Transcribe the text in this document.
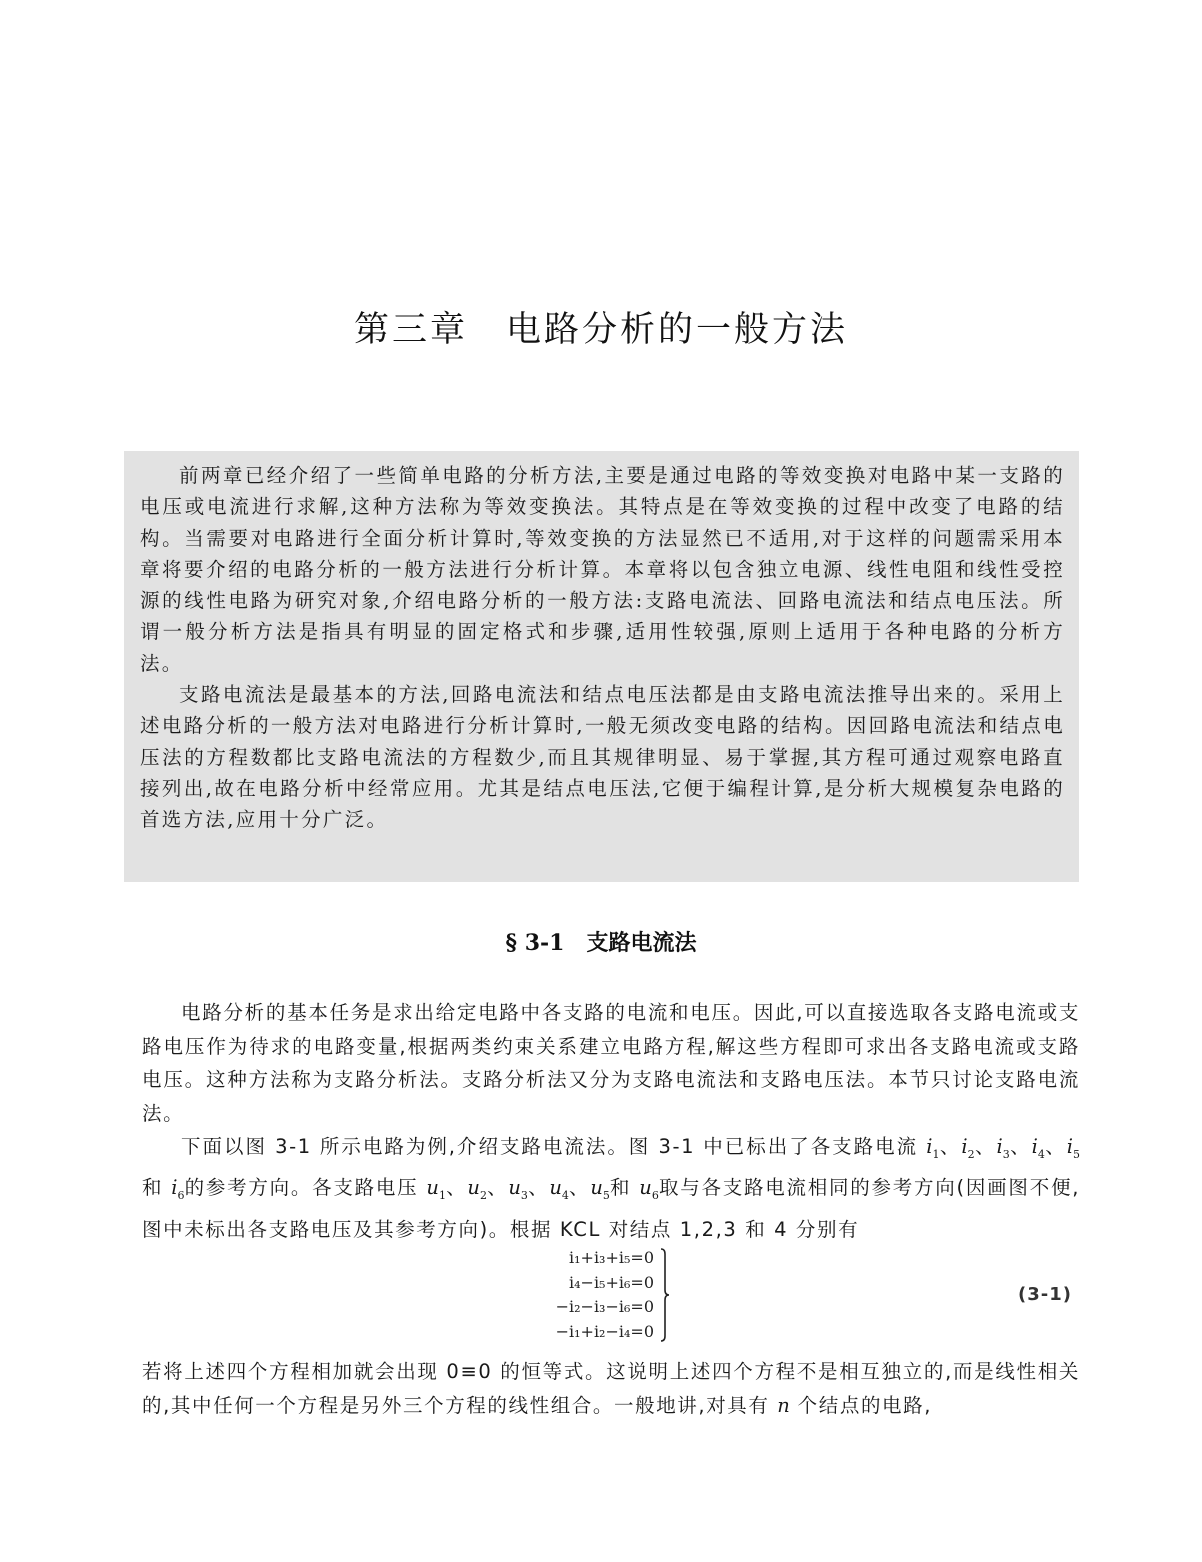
第三章　电路分析的一般方法

前两章已经介绍了一些简单电路的分析方法,主要是通过电路的等效变换对电路中某一支路的电压或电流进行求解,这种方法称为等效变换法。其特点是在等效变换的过程中改变了电路的结构。当需要对电路进行全面分析计算时,等效变换的方法显然已不适用,对于这样的问题需采用本章将要介绍的电路分析的一般方法进行分析计算。本章将以包含独立电源、线性电阻和线性受控源的线性电路为研究对象,介绍电路分析的一般方法:支路电流法、回路电流法和结点电压法。所谓一般分析方法是指具有明显的固定格式和步骤,适用性较强,原则上适用于各种电路的分析方法。

支路电流法是最基本的方法,回路电流法和结点电压法都是由支路电流法推导出来的。采用上述电路分析的一般方法对电路进行分析计算时,一般无须改变电路的结构。因回路电流法和结点电压法的方程数都比支路电流法的方程数少,而且其规律明显、易于掌握,其方程可通过观察电路直接列出,故在电路分析中经常应用。尤其是结点电压法,它便于编程计算,是分析大规模复杂电路的首选方法,应用十分广泛。

§ 3-1 支路电流法

电路分析的基本任务是求出给定电路中各支路的电流和电压。因此,可以直接选取各支路电流或支路电压作为待求的电路变量,根据两类约束关系建立电路方程,解这些方程即可求出各支路电流或支路电压。这种方法称为支路分析法。支路分析法又分为支路电流法和支路电压法。本节只讨论支路电流法。

下面以图 3-1 所示电路为例,介绍支路电流法。图 3-1 中已标出了各支路电流 $i_1$、$i_2$、$i_3$、$i_4$、$i_5$和 $i_6$的参考方向。各支路电压 $u_1$、$u_2$、$u_3$、$u_4$、$u_5$和 $u_6$取与各支路电流相同的参考方向(因画图不便,图中未标出各支路电压及其参考方向)。根据 KCL 对结点 1,2,3 和 4 分别有

i₁+i₃+i₅=0
i₄−i₅+i₆=0
−i₂−i₃−i₆=0
−i₁+i₂−i₄=0
(3-1)

若将上述四个方程相加就会出现 0≡0 的恒等式。这说明上述四个方程不是相互独立的,而是线性相关的,其中任何一个方程是另外三个方程的线性组合。一般地讲,对具有 n 个结点的电路,
